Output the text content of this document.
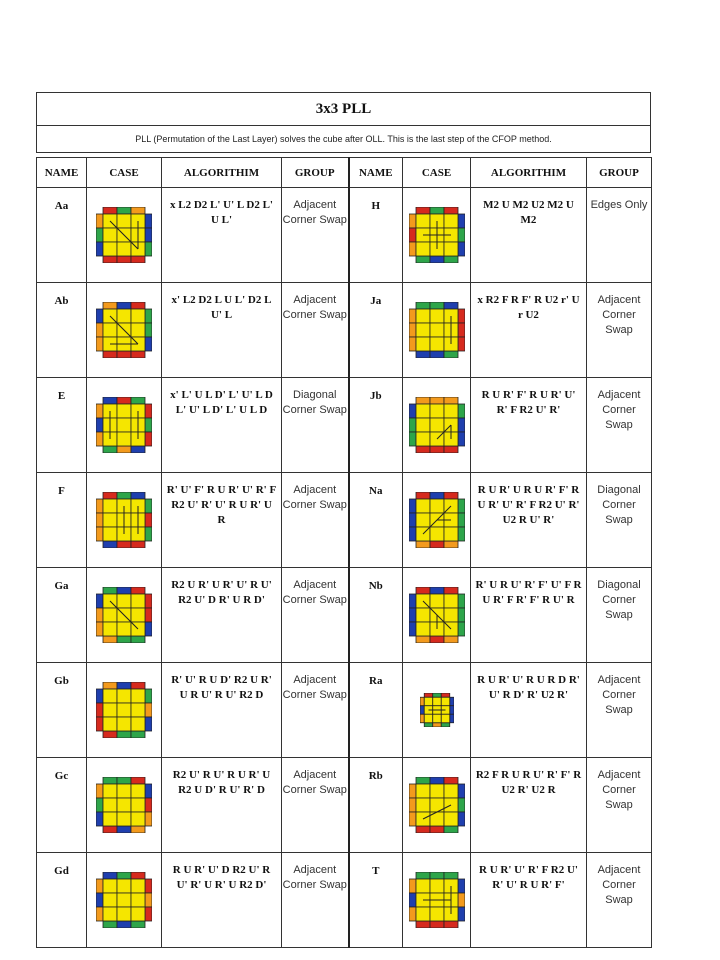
3x3 PLL
PLL (Permutation of the Last Layer) solves the cube after OLL. This is the last step of the CFOP method.
NAME	CASE	ALGORITHIM	GROUP	NAME	CASE	ALGORITHIM	GROUP
Aa		x L2 D2 L' U' L D2 L' U L'	Adjacent Corner Swap	H		M2 U M2 U2 M2 U M2	Edges Only
Ab		x' L2 D2 L U L' D2 L U' L	Adjacent Corner Swap	Ja		x R2 F R F' R U2 r' U r U2	Adjacent Corner Swap
E		x' L' U L D' L' U' L D L' U' L D' L' U L D	Diagonal Corner Swap	Jb		R U R' F' R U R' U' R' F R2 U' R'	Adjacent Corner Swap
F		R' U' F' R U R' U' R' F R2 U' R' U' R U R' U R	Adjacent Corner Swap	Na		R U R' U R U R' F' R U R' U' R' F R2 U' R' U2 R U' R'	Diagonal Corner Swap
Ga		R2 U R' U R' U' R U' R2 U' D R' U R D'	Adjacent Corner Swap	Nb		R' U R U' R' F' U' F R U R' F R' F' R U' R	Diagonal Corner Swap
Gb		R' U' R U D' R2 U R' U R U' R U' R2 D	Adjacent Corner Swap	Ra		R U R' U' R U R D R' U' R D' R' U2 R'	Adjacent Corner Swap
Gc		R2 U' R U' R U R' U R2 U D' R U' R' D	Adjacent Corner Swap	Rb		R2 F R U R U' R' F' R U2 R' U2 R	Adjacent Corner Swap
Gd		R U R' U' D R2 U' R U' R' U R' U R2 D'	Adjacent Corner Swap	T		R U R' U' R' F R2 U' R' U' R U R' F'	Adjacent Corner Swap
